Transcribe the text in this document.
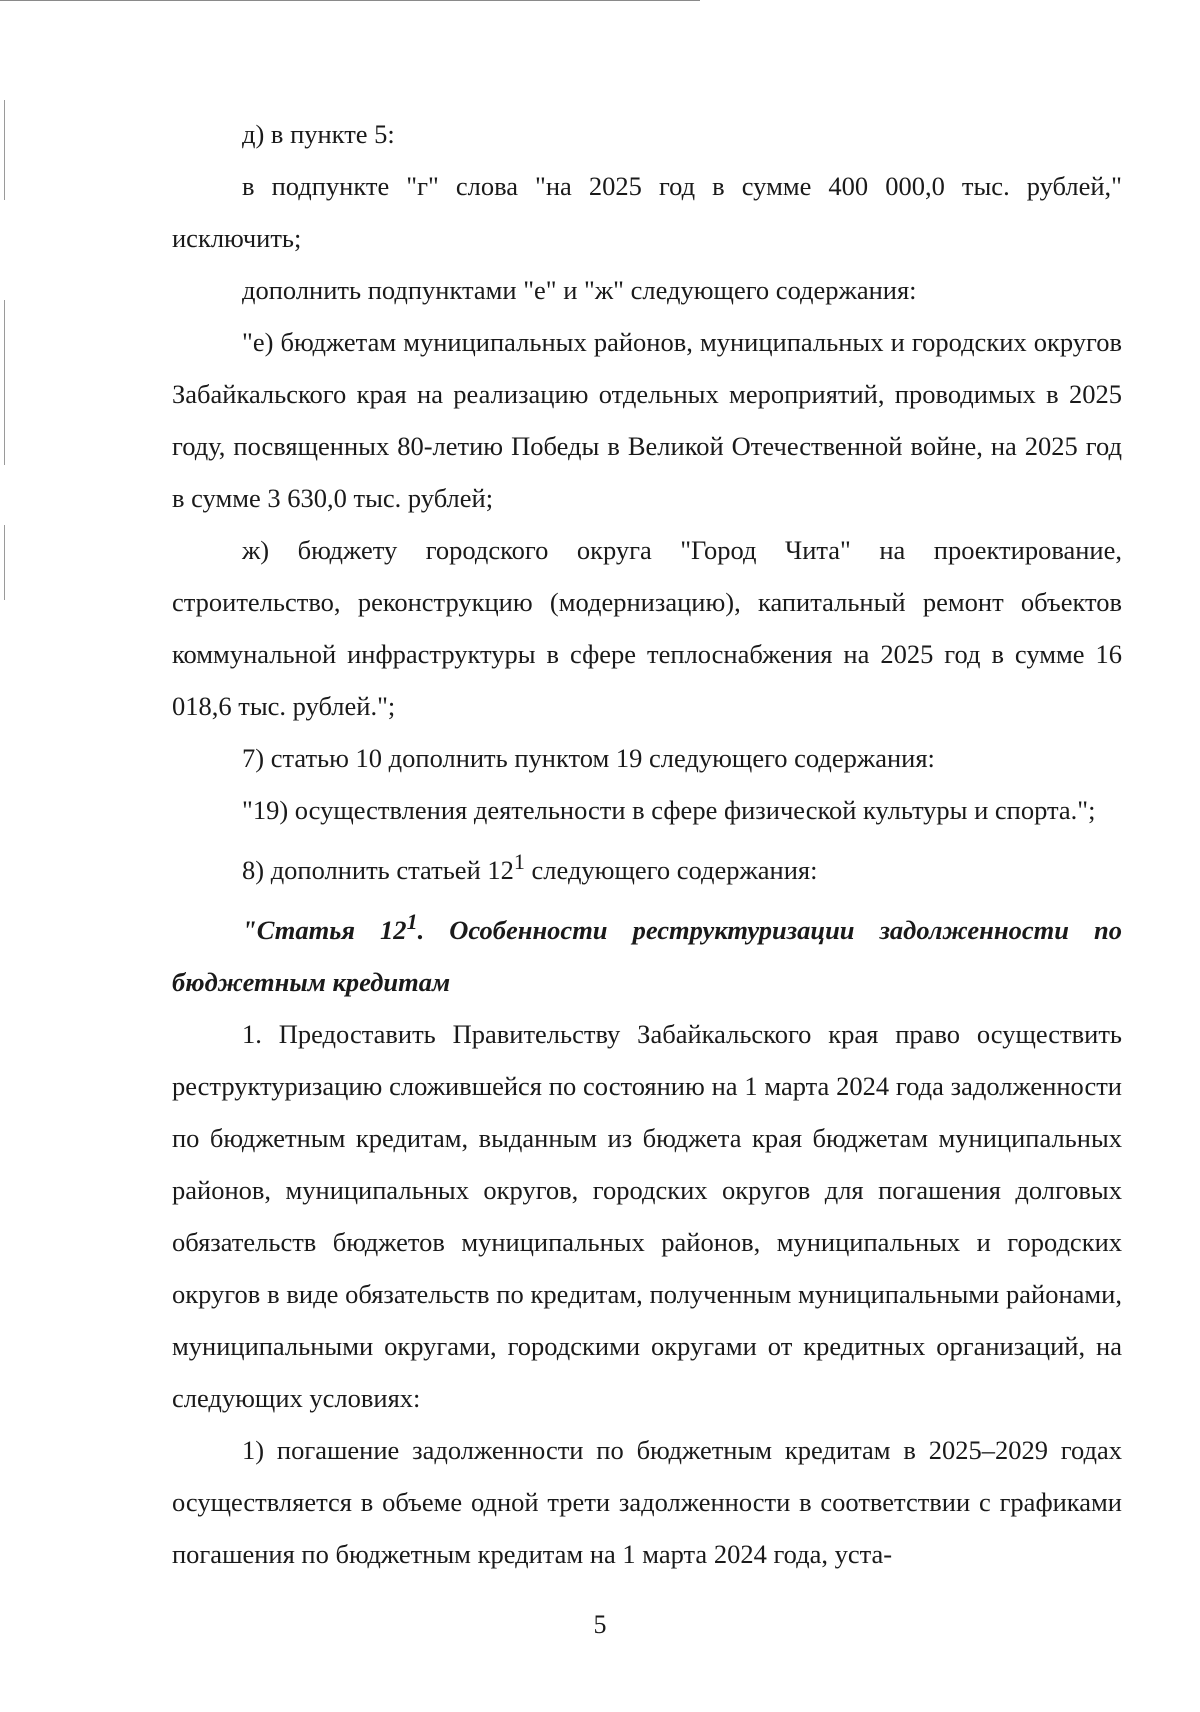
д) в пункте 5:

в подпункте "г" слова "на 2025 год в сумме 400 000,0 тыс. рублей," исключить;

дополнить подпунктами "е" и "ж" следующего содержания:

"е) бюджетам муниципальных районов, муниципальных и городских округов Забайкальского края на реализацию отдельных мероприятий, проводимых в 2025 году, посвященных 80-летию Победы в Великой Отечественной войне, на 2025 год в сумме 3 630,0 тыс. рублей;

ж) бюджету городского округа "Город Чита" на проектирование, строительство, реконструкцию (модернизацию), капитальный ремонт объектов коммунальной инфраструктуры в сфере теплоснабжения на 2025 год в сумме 16 018,6 тыс. рублей.";

7) статью 10 дополнить пунктом 19 следующего содержания:

"19) осуществления деятельности в сфере физической культуры и спорта.";

8) дополнить статьей $12^1$ следующего содержания:

"Статья $12^1$. Особенности реструктуризации задолженности по бюджетным кредитам

1. Предоставить Правительству Забайкальского края право осуществить реструктуризацию сложившейся по состоянию на 1 марта 2024 года задолженности по бюджетным кредитам, выданным из бюджета края бюджетам муниципальных районов, муниципальных округов, городских округов для погашения долговых обязательств бюджетов муниципальных районов, муниципальных и городских округов в виде обязательств по кредитам, полученным муниципальными районами, муниципальными округами, городскими округами от кредитных организаций, на следующих условиях:

1) погашение задолженности по бюджетным кредитам в 2025–2029 годах осуществляется в объеме одной трети задолженности в соответствии с графиками погашения по бюджетным кредитам на 1 марта 2024 года, уста-

5
